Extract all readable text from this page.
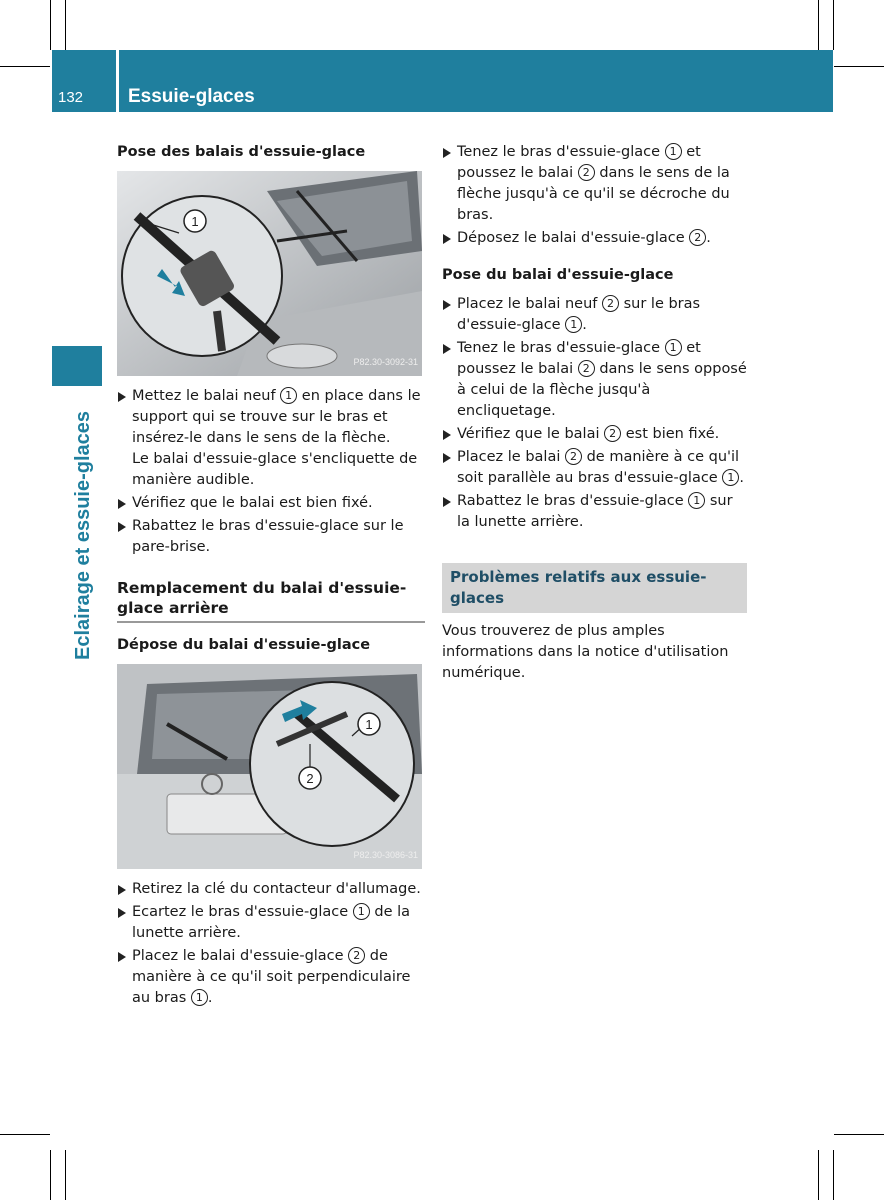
132 Essuie-glaces
Eclairage et essuie-glaces
Pose des balais d'essuie-glace
1
P82.30-3092-31
Mettez le balai neuf 1 en place dans le support qui se trouve sur le bras et insérez-le dans le sens de la flèche.
Le balai d'essuie-glace s'encliquette de manière audible.
Vérifiez que le balai est bien fixé.
Rabattez le bras d'essuie-glace sur le pare-brise.
Remplacement du balai d'essuie-glace arrière
Dépose du balai d'essuie-glace
1
2
P82.30-3086-31
Retirez la clé du contacteur d'allumage.
Ecartez le bras d'essuie-glace 1 de la lunette arrière.
Placez le balai d'essuie-glace 2 de manière à ce qu'il soit perpendiculaire au bras 1 .
Tenez le bras d'essuie-glace 1 et poussez le balai 2 dans le sens de la flèche jusqu'à ce qu'il se décroche du bras.
Déposez le balai d'essuie-glace 2 .
Pose du balai d'essuie-glace
Placez le balai neuf 2 sur le bras d'essuie-glace 1 .
Tenez le bras d'essuie-glace 1 et poussez le balai 2 dans le sens opposé à celui de la flèche jusqu'à encliquetage.
Vérifiez que le balai 2 est bien fixé.
Placez le balai 2 de manière à ce qu'il soit parallèle au bras d'essuie-glace 1 .
Rabattez le bras d'essuie-glace 1 sur la lunette arrière.
Problèmes relatifs aux essuie-glaces
Vous trouverez de plus amples informations dans la notice d'utilisation numérique.
